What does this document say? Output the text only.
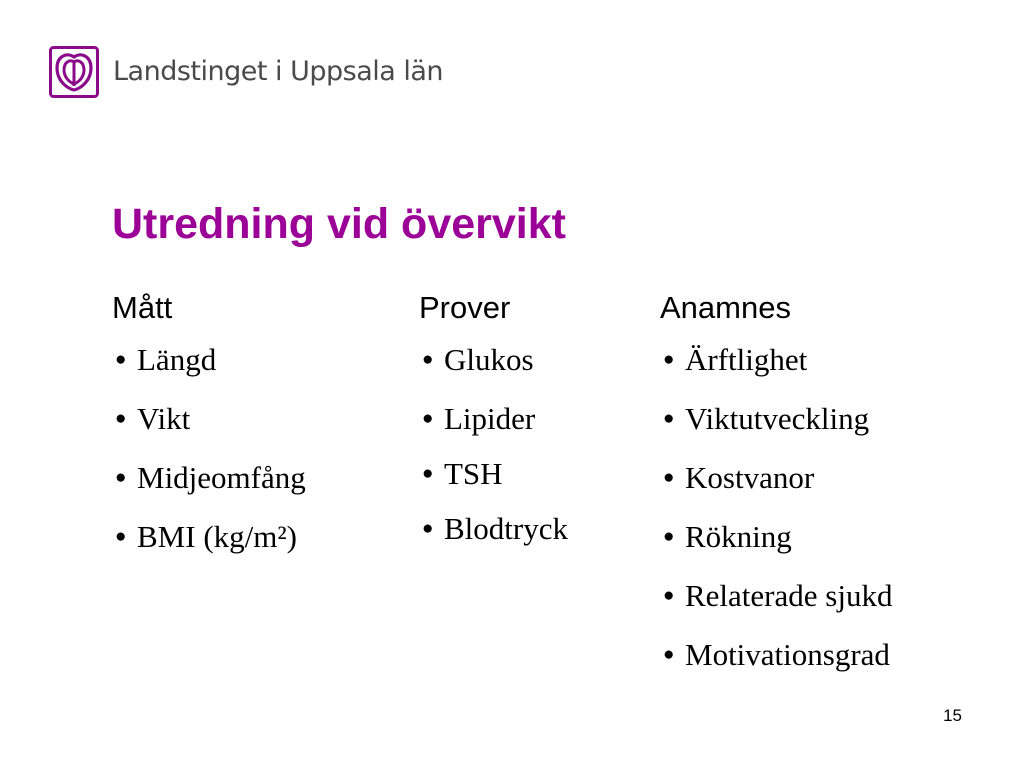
Landstinget i Uppsala län
Utredning vid övervikt
Mått
● Längd
● Vikt
● Midjeomfång
● BMI (kg/m²)
Prover
● Glukos
● Lipider
● TSH
● Blodtryck
Anamnes
● Ärftlighet
● Viktutveckling
● Kostvanor
● Rökning
● Relaterade sjukd
● Motivationsgrad
15
